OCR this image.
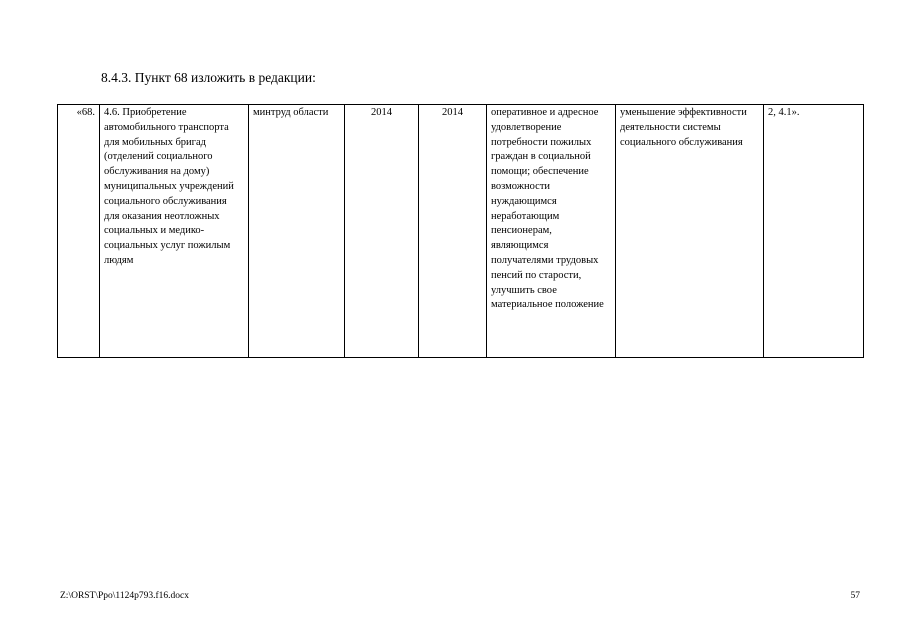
8.4.3. Пункт 68 изложить в редакции:
«68.	4.6. Приобретение автомобильного транспорта для мобильных бригад (отделений социального обслуживания на дому) муниципальных учреждений социального обслуживания для оказания неотложных социальных и медико-социальных услуг пожилым людям	минтруд области	2014	2014	оперативное и адресное удовлетворение потребности пожилых граждан в социальной помощи; обеспечение возможности нуждающимся неработающим пенсионерам, являющимся получателями трудовых пенсий по старости, улучшить свое материальное положение	уменьшение эффективности деятельности системы социального обслуживания	2, 4.1».
Z:\ORST\Ppo\1124p793.f16.docx	57
